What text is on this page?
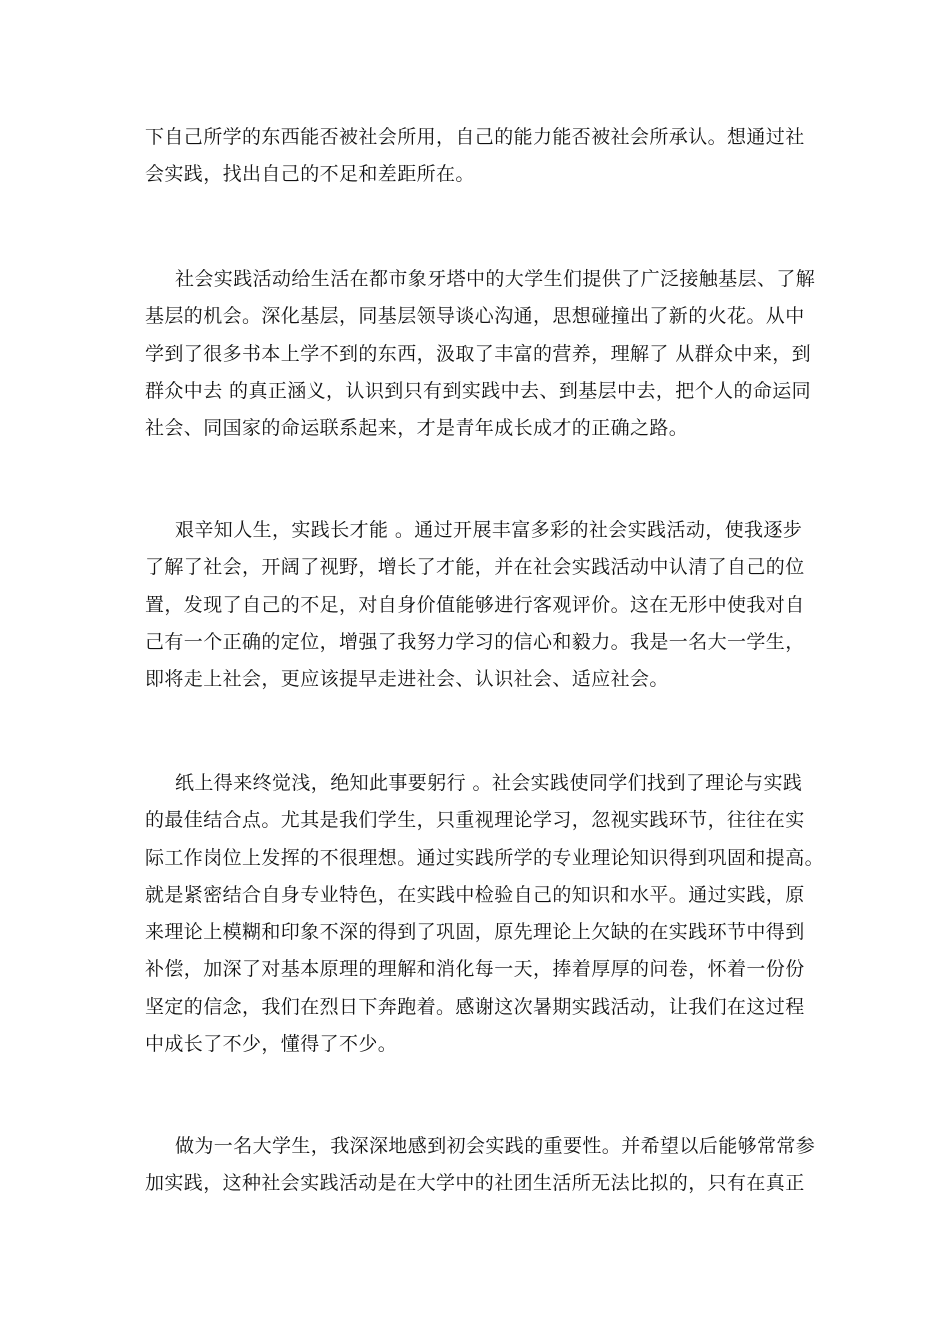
下自己所学的东西能否被社会所用，自己的能力能否被社会所承认。想通过社
会实践，找出自己的不足和差距所在。

社会实践活动给生活在都市象牙塔中的大学生们提供了广泛接触基层、了解
基层的机会。深化基层，同基层领导谈心沟通，思想碰撞出了新的火花。从中
学到了很多书本上学不到的东西，汲取了丰富的营养，理解了 从群众中来，到
群众中去 的真正涵义，认识到只有到实践中去、到基层中去，把个人的命运同
社会、同国家的命运联系起来，才是青年成长成才的正确之路。

艰辛知人生，实践长才能 。通过开展丰富多彩的社会实践活动，使我逐步
了解了社会，开阔了视野，增长了才能，并在社会实践活动中认清了自己的位
置，发现了自己的不足，对自身价值能够进行客观评价。这在无形中使我对自
己有一个正确的定位，增强了我努力学习的信心和毅力。我是一名大一学生，
即将走上社会，更应该提早走进社会、认识社会、适应社会。

纸上得来终觉浅，绝知此事要躬行 。社会实践使同学们找到了理论与实践
的最佳结合点。尤其是我们学生，只重视理论学习，忽视实践环节，往往在实
际工作岗位上发挥的不很理想。通过实践所学的专业理论知识得到巩固和提高。
就是紧密结合自身专业特色，在实践中检验自己的知识和水平。通过实践，原
来理论上模糊和印象不深的得到了巩固，原先理论上欠缺的在实践环节中得到
补偿，加深了对基本原理的理解和消化每一天，捧着厚厚的问卷，怀着一份份
坚定的信念，我们在烈日下奔跑着。感谢这次暑期实践活动，让我们在这过程
中成长了不少，懂得了不少。

做为一名大学生，我深深地感到初会实践的重要性。并希望以后能够常常参
加实践，这种社会实践活动是在大学中的社团生活所无法比拟的，只有在真正
